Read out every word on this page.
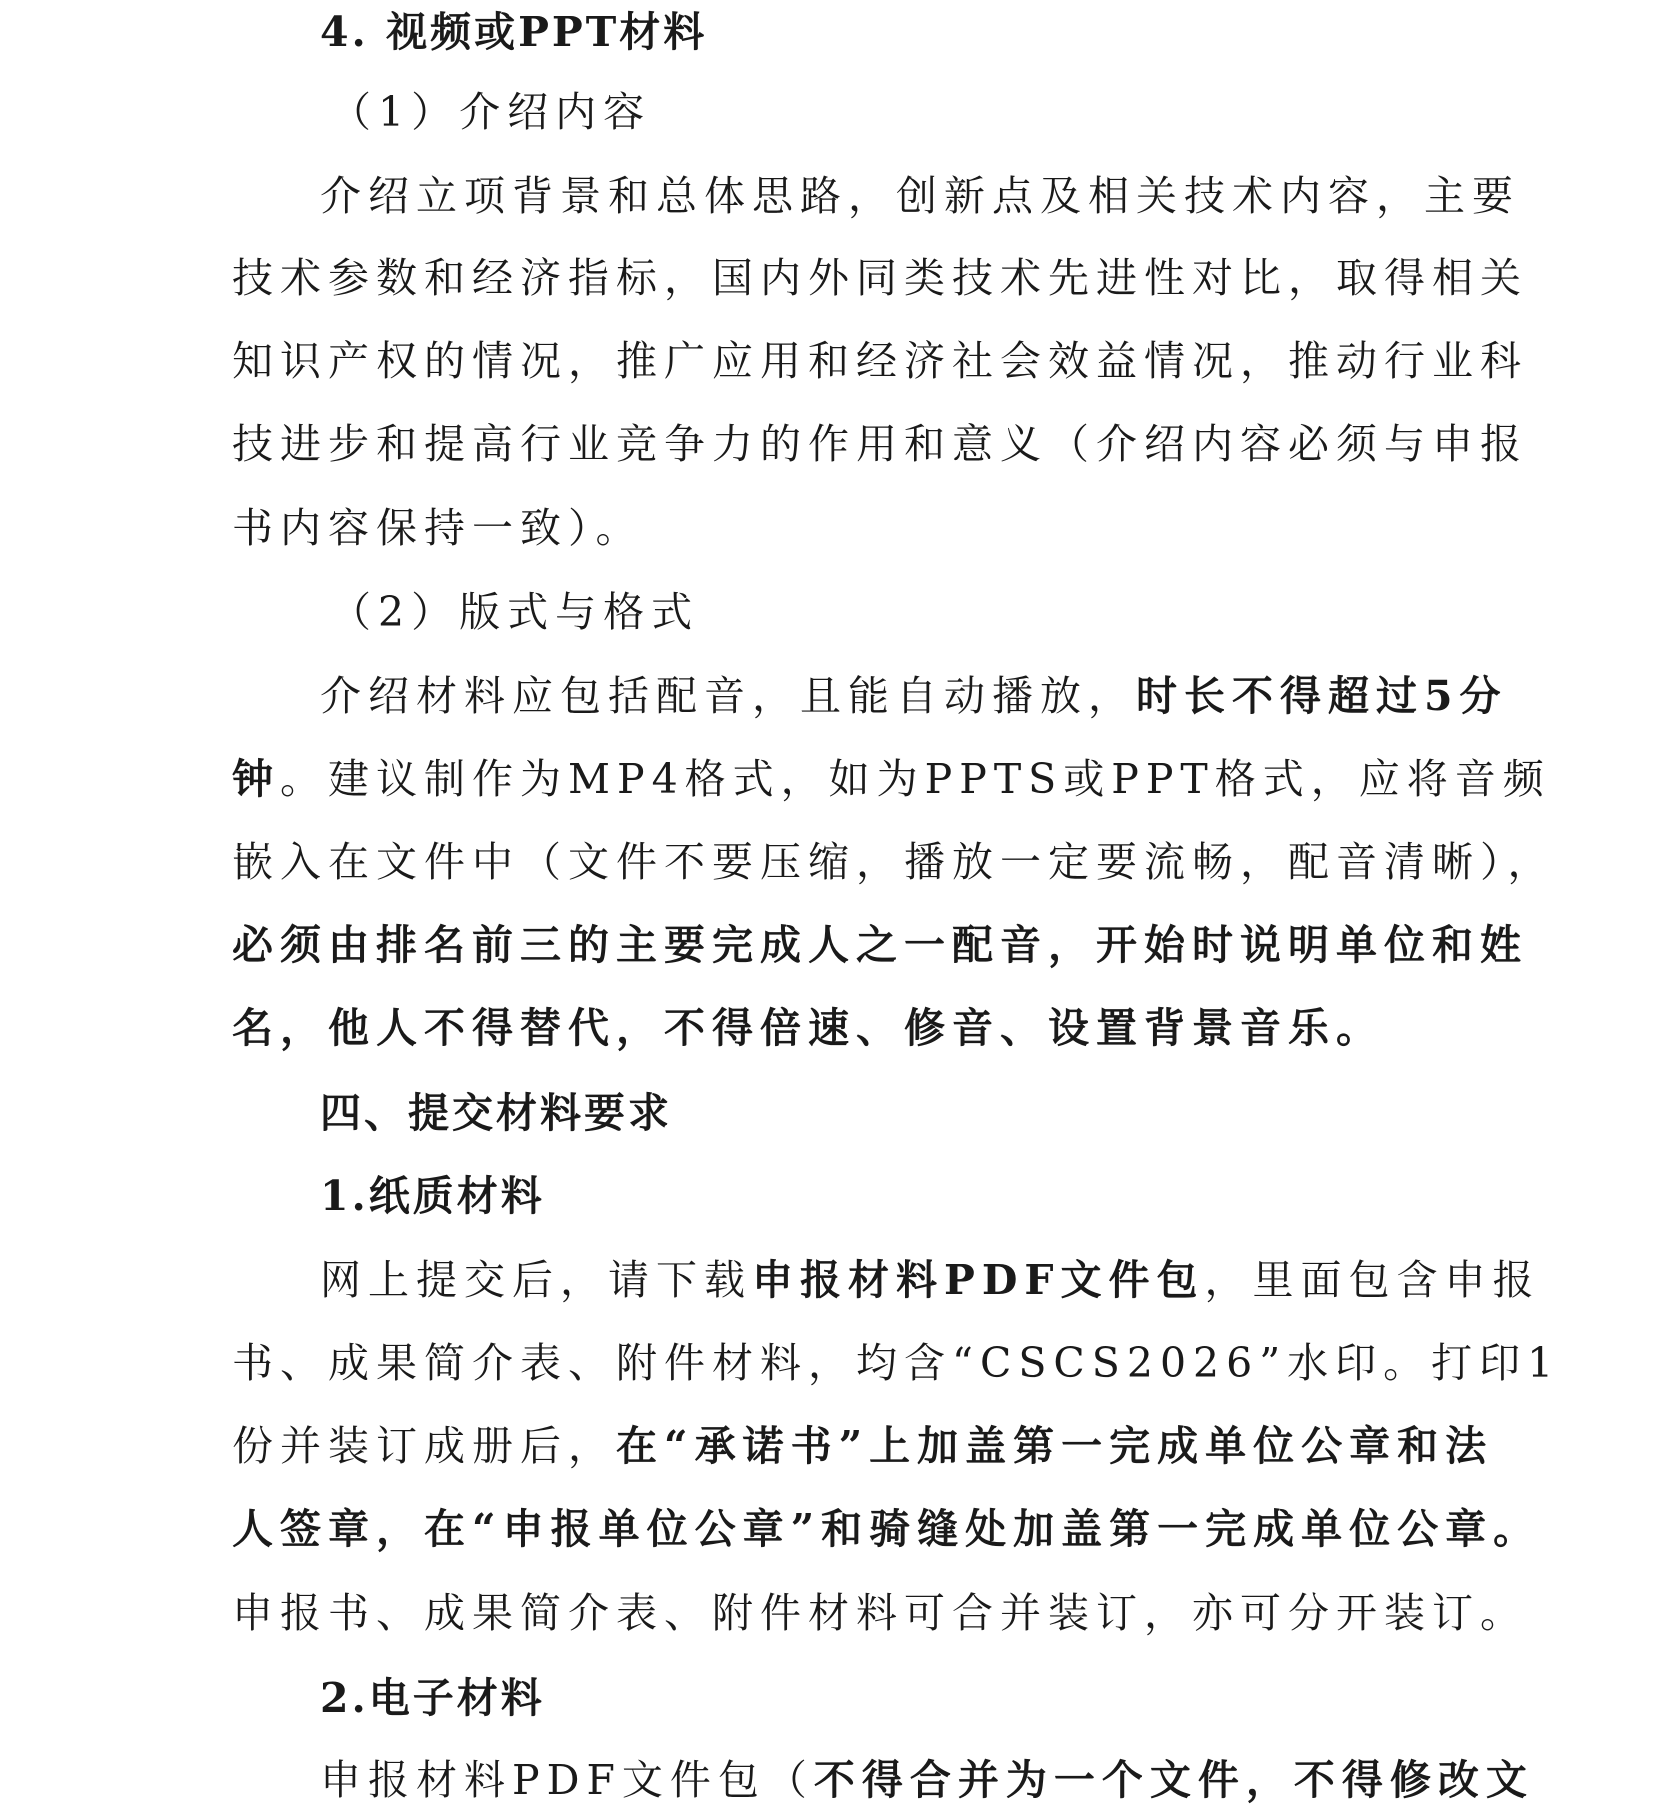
4. 视频或PPT材料
（1）介绍内容
介绍立项背景和总体思路，创新点及相关技术内容，主要
技术参数和经济指标，国内外同类技术先进性对比，取得相关
知识产权的情况，推广应用和经济社会效益情况，推动行业科
技进步和提高行业竞争力的作用和意义（介绍内容必须与申报
书内容保持一致）。
（2）版式与格式
介绍材料应包括配音，且能自动播放，时长不得超过5分
钟。建议制作为MP4格式，如为PPTS或PPT格式，应将音频
嵌入在文件中（文件不要压缩，播放一定要流畅，配音清晰），
必须由排名前三的主要完成人之一配音，开始时说明单位和姓
名，他人不得替代，不得倍速、修音、设置背景音乐。
四、提交材料要求
1.纸质材料
网上提交后，请下载申报材料PDF文件包，里面包含申报
书、成果简介表、附件材料，均含“CSCS2026”水印。打印1
份并装订成册后，在“承诺书”上加盖第一完成单位公章和法
人签章，在“申报单位公章”和骑缝处加盖第一完成单位公章。
申报书、成果简介表、附件材料可合并装订，亦可分开装订。
2.电子材料
申报材料PDF文件包（不得合并为一个文件，不得修改文
